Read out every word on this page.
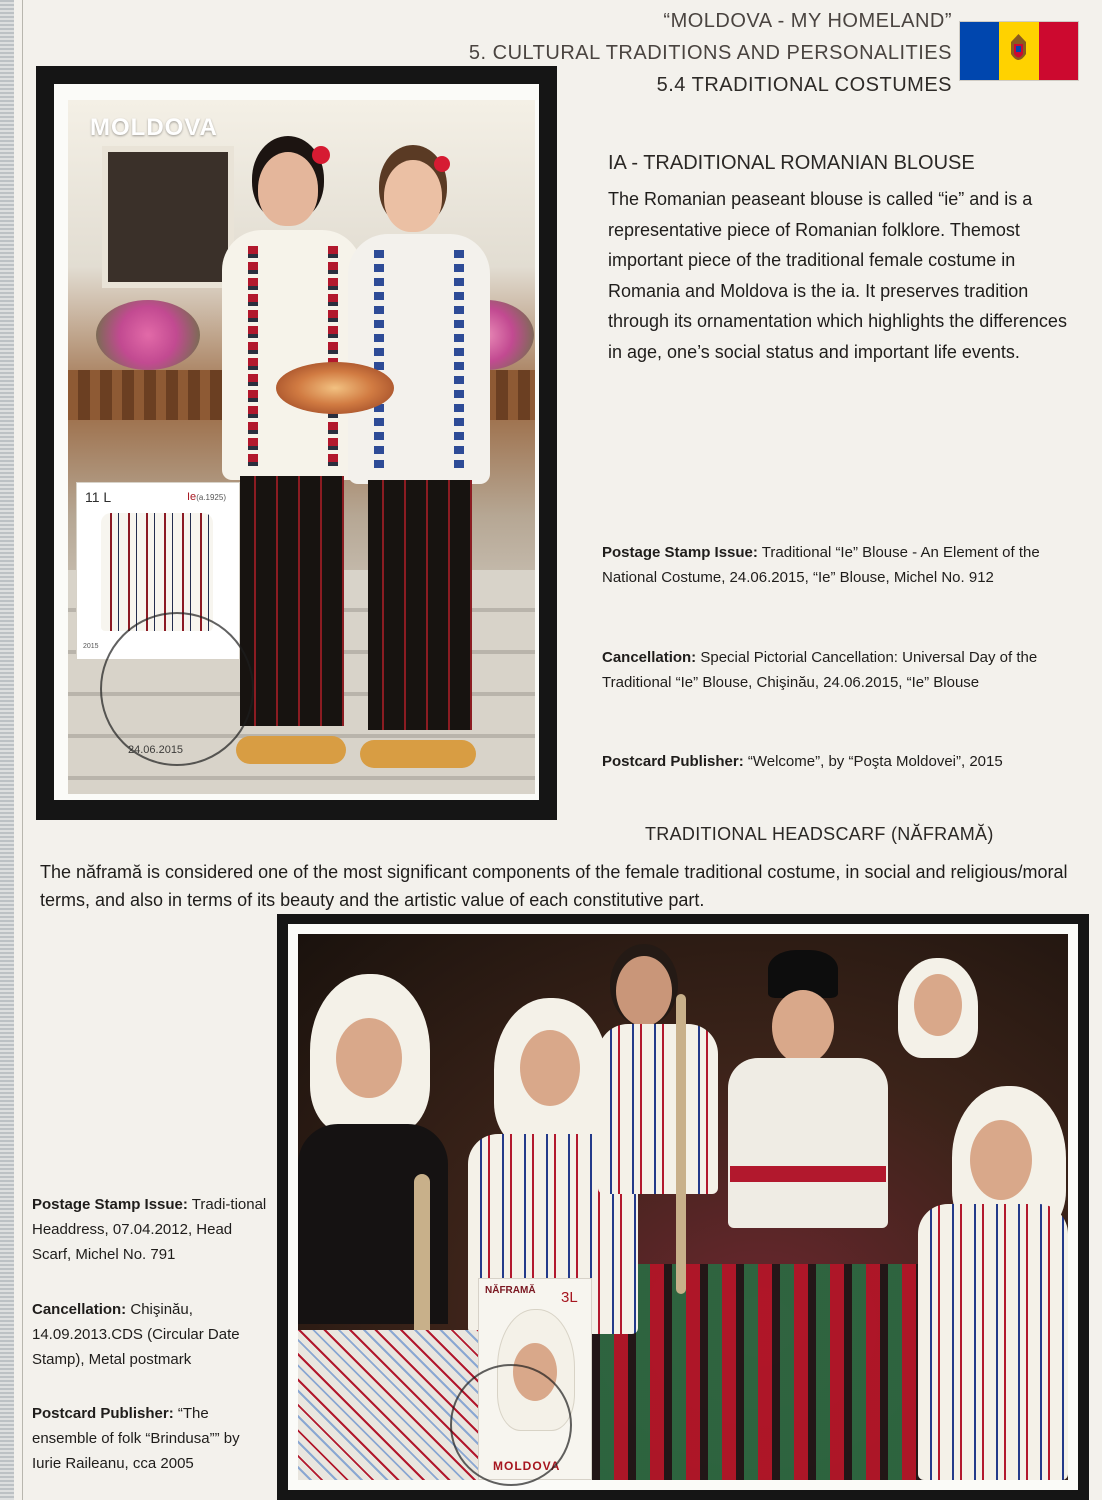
“MOLDOVA - MY HOMELAND”
5. CULTURAL TRADITIONS AND PERSONALITIES
5.4 TRADITIONAL COSTUMES
MOLDOVA
11 L	Ie(a.1925)
2015
24.06.2015
IA - TRADITIONAL ROMANIAN BLOUSE
The Romanian peaseant blouse is called “ie” and is a representative piece of Romanian folklore. Themost important piece of the traditional female costume in Romania and Moldova is the ia. It preserves tradition through its ornamentation which highlights the differences in age, one’s social status and important life events.
Postage Stamp Issue: Traditional “Ie” Blouse - An Element of the National Costume, 24.06.2015, “Ie” Blouse, Michel No. 912
Cancellation: Special Pictorial Cancellation: Universal Day of the Traditional “Ie” Blouse, Chişinău, 24.06.2015, “Ie” Blouse
Postcard Publisher: “Welcome”, by “Poşta Moldovei”, 2015
TRADITIONAL HEADSCARF (NĂFRAMĂ)
The năframă is considered one of the most significant components of the female traditional costume, in social and religious/moral terms, and also in terms of its beauty and the artistic value of each constitutive part.
NĂFRAMĂ 3L
MOLDOVA
Postage Stamp Issue: Tradi-tional Headdress, 07.04.2012, Head Scarf, Michel No. 791
Cancellation: Chişinău, 14.09.2013.CDS (Circular Date Stamp), Metal postmark
Postcard Publisher: “The ensemble of folk “Brindusa”” by Iurie Raileanu, cca 2005
